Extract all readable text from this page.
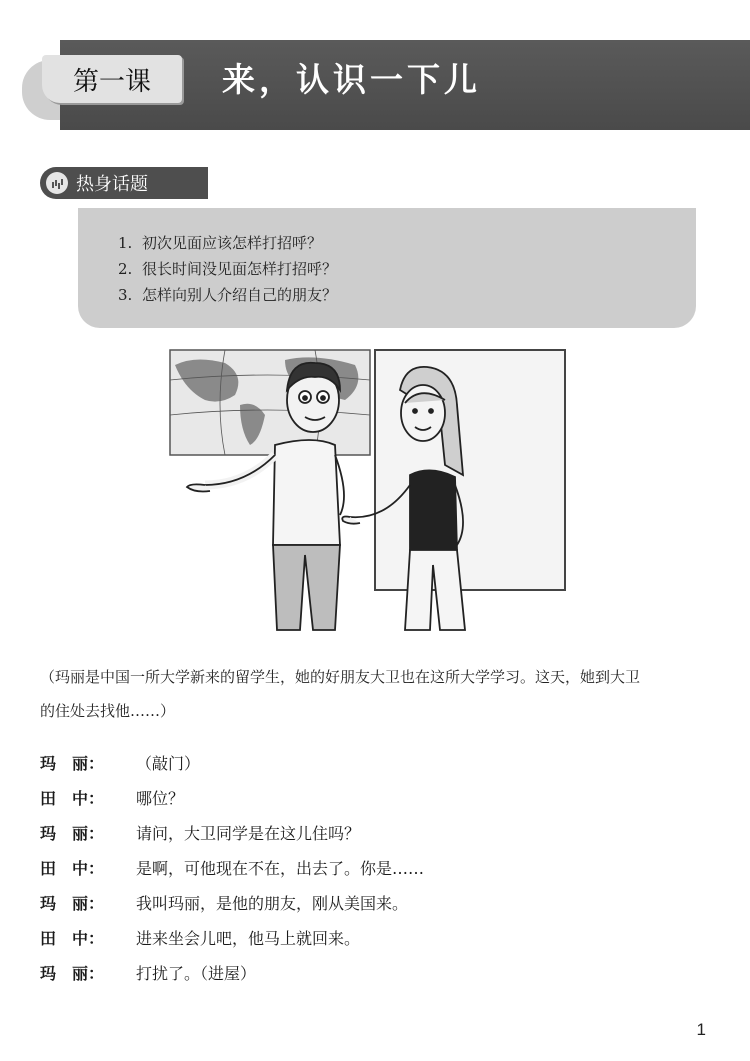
第一课	来，认识一下儿
热身话题
1. 初次见面应该怎样打招呼？
2. 很长时间没见面怎样打招呼？
3. 怎样向别人介绍自己的朋友？
（玛丽是中国一所大学新来的留学生，她的好朋友大卫也在这所大学学习。这天，她到大卫
的住处去找他……）
玛　丽：	（敲门）
田　中：	哪位？
玛　丽：	请问，大卫同学是在这儿住吗？
田　中：	是啊，可他现在不在，出去了。你是……
玛　丽：	我叫玛丽，是他的朋友，刚从美国来。
田　中：	进来坐会儿吧，他马上就回来。
玛　丽：	打扰了。（进屋）
1
